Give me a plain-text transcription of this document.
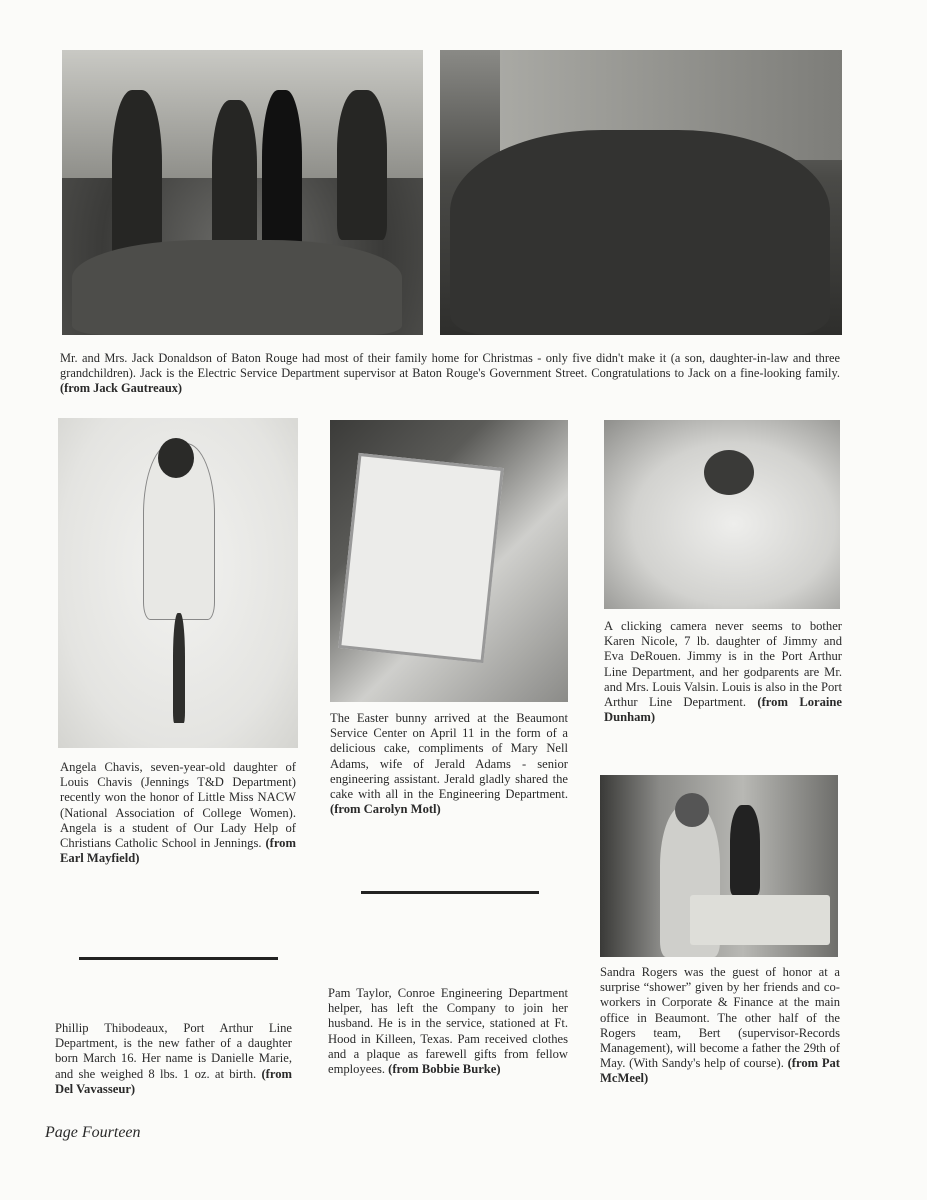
Mr. and Mrs. Jack Donaldson of Baton Rouge had most of their family home for Christmas - only five didn't make it (a son, daughter-in-law and three grandchildren). Jack is the Electric Service Department supervisor at Baton Rouge's Government Street. Congratulations to Jack on a fine-looking family. (from Jack Gautreaux)
Angela Chavis, seven-year-old daughter of Louis Chavis (Jennings T&D Department) recently won the honor of Little Miss NACW (National Association of College Women). Angela is a student of Our Lady Help of Christians Catholic School in Jennings. (from Earl Mayfield)
The Easter bunny arrived at the Beaumont Service Center on April 11 in the form of a delicious cake, compliments of Mary Nell Adams, wife of Jerald Adams - senior engineering assistant. Jerald gladly shared the cake with all in the Engineering Department. (from Carolyn Motl)
A clicking camera never seems to bother Karen Nicole, 7 lb. daughter of Jimmy and Eva DeRouen. Jimmy is in the Port Arthur Line Department, and her godparents are Mr. and Mrs. Louis Valsin. Louis is also in the Port Arthur Line Department. (from Loraine Dunham)
Sandra Rogers was the guest of honor at a surprise “shower” given by her friends and co-workers in Corporate & Finance at the main office in Beaumont. The other half of the Rogers team, Bert (supervisor-Records Management), will become a father the 29th of May. (With Sandy's help of course). (from Pat McMeel)
Phillip Thibodeaux, Port Arthur Line Department, is the new father of a daughter born March 16. Her name is Danielle Marie, and she weighed 8 lbs. 1 oz. at birth. (from Del Vavasseur)
Pam Taylor, Conroe Engineering Department helper, has left the Company to join her husband. He is in the service, stationed at Ft. Hood in Killeen, Texas. Pam received clothes and a plaque as farewell gifts from fellow employees. (from Bobbie Burke)
Page Fourteen
